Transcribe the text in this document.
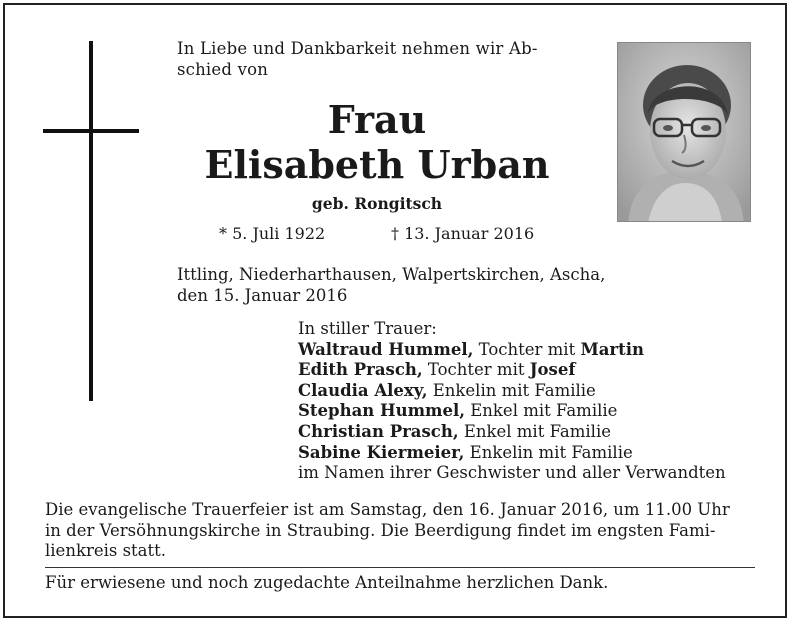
In Liebe und Dankbarkeit nehmen wir Ab-
schied von
Frau
Elisabeth Urban
geb. Rongitsch
* 5. Juli 1922	† 13. Januar 2016
Ittling, Niederharthausen, Walpertskirchen, Ascha,
den 15. Januar 2016
In stiller Trauer:
Waltraud Hummel, Tochter mit Martin
Edith Prasch, Tochter mit Josef
Claudia Alexy, Enkelin mit Familie
Stephan Hummel, Enkel mit Familie
Christian Prasch, Enkel mit Familie
Sabine Kiermeier, Enkelin mit Familie
im Namen ihrer Geschwister und aller Verwandten
Die evangelische Trauerfeier ist am Samstag, den 16. Januar 2016, um 11.00 Uhr
in der Versöhnungskirche in Straubing. Die Beerdigung findet im engsten Fami-
lienkreis statt.
Für erwiesene und noch zugedachte Anteilnahme herzlichen Dank.
